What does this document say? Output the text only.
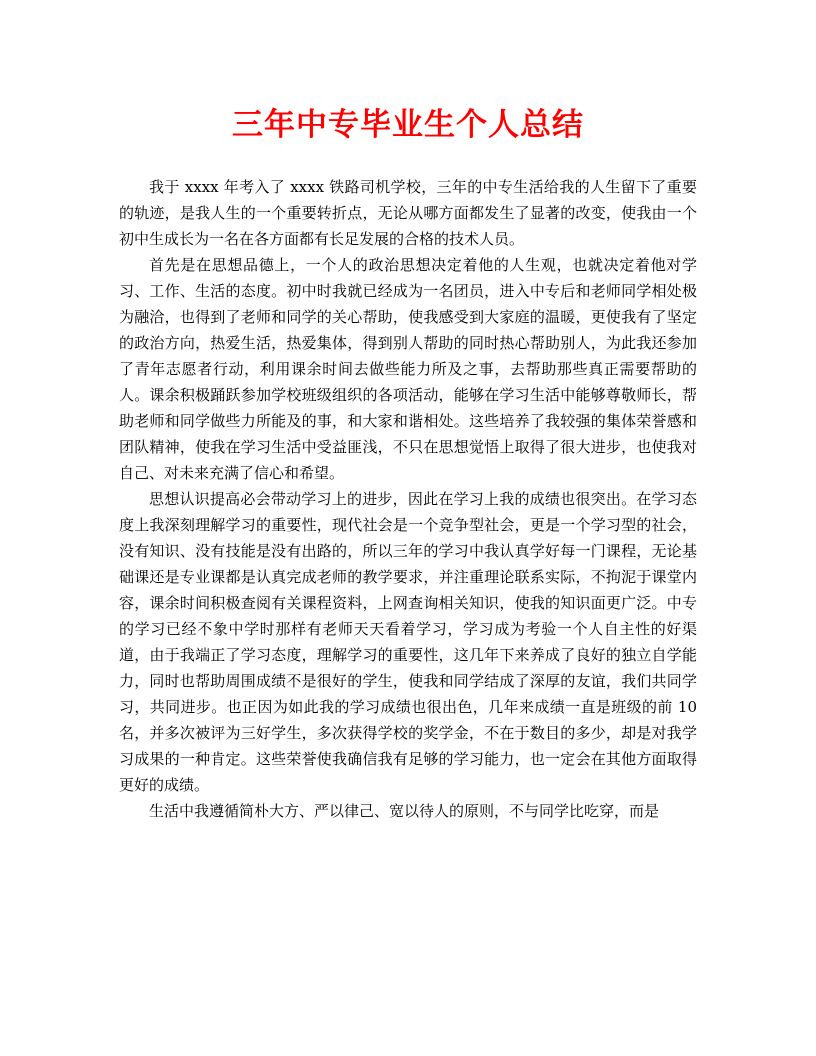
三年中专毕业生个人总结

我于 xxxx 年考入了 xxxx 铁路司机学校，三年的中专生活给我的人生留下了重要的轨迹，是我人生的一个重要转折点，无论从哪方面都发生了显著的改变，使我由一个初中生成长为一名在各方面都有长足发展的合格的技术人员。

首先是在思想品德上，一个人的政治思想决定着他的人生观，也就决定着他对学习、工作、生活的态度。初中时我就已经成为一名团员，进入中专后和老师同学相处极为融洽，也得到了老师和同学的关心帮助，使我感受到大家庭的温暖，更使我有了坚定的政治方向，热爱生活，热爱集体，得到别人帮助的同时热心帮助别人，为此我还参加了青年志愿者行动，利用课余时间去做些能力所及之事，去帮助那些真正需要帮助的人。课余积极踊跃参加学校班级组织的各项活动，能够在学习生活中能够尊敬师长，帮助老师和同学做些力所能及的事，和大家和谐相处。这些培养了我较强的集体荣誉感和团队精神，使我在学习生活中受益匪浅，不只在思想觉悟上取得了很大进步，也使我对自己、对未来充满了信心和希望。

思想认识提高必会带动学习上的进步，因此在学习上我的成绩也很突出。在学习态度上我深刻理解学习的重要性，现代社会是一个竞争型社会，更是一个学习型的社会，没有知识、没有技能是没有出路的，所以三年的学习中我认真学好每一门课程，无论基础课还是专业课都是认真完成老师的教学要求，并注重理论联系实际，不拘泥于课堂内容，课余时间积极查阅有关课程资料，上网查询相关知识，使我的知识面更广泛。中专的学习已经不象中学时那样有老师天天看着学习，学习成为考验一个人自主性的好渠道，由于我端正了学习态度，理解学习的重要性，这几年下来养成了良好的独立自学能力，同时也帮助周围成绩不是很好的学生，使我和同学结成了深厚的友谊，我们共同学习，共同进步。也正因为如此我的学习成绩也很出色，几年来成绩一直是班级的前 10 名，并多次被评为三好学生，多次获得学校的奖学金，不在于数目的多少，却是对我学习成果的一种肯定。这些荣誉使我确信我有足够的学习能力，也一定会在其他方面取得更好的成绩。

生活中我遵循简朴大方、严以律己、宽以待人的原则，不与同学比吃穿，而是
